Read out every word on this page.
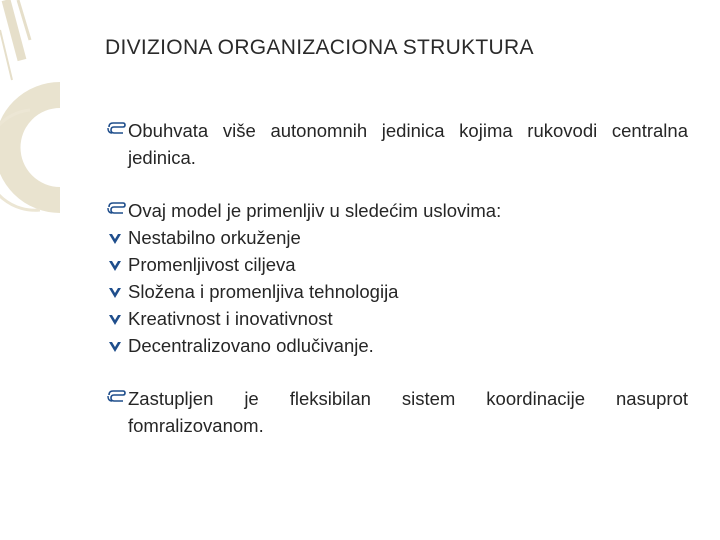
DIVIZIONA ORGANIZACIONA STRUKTURA
Obuhvata više autonomnih jedinica kojima rukovodi centralna jedinica.
Ovaj model je primenljiv u sledećim uslovima:
Nestabilno orkuženje
Promenljivost ciljeva
Složena i promenljiva tehnologija
Kreativnost i inovativnost
Decentralizovano odlučivanje.
Zastupljen je fleksibilan sistem koordinacije nasuprot fomralizovanom.
